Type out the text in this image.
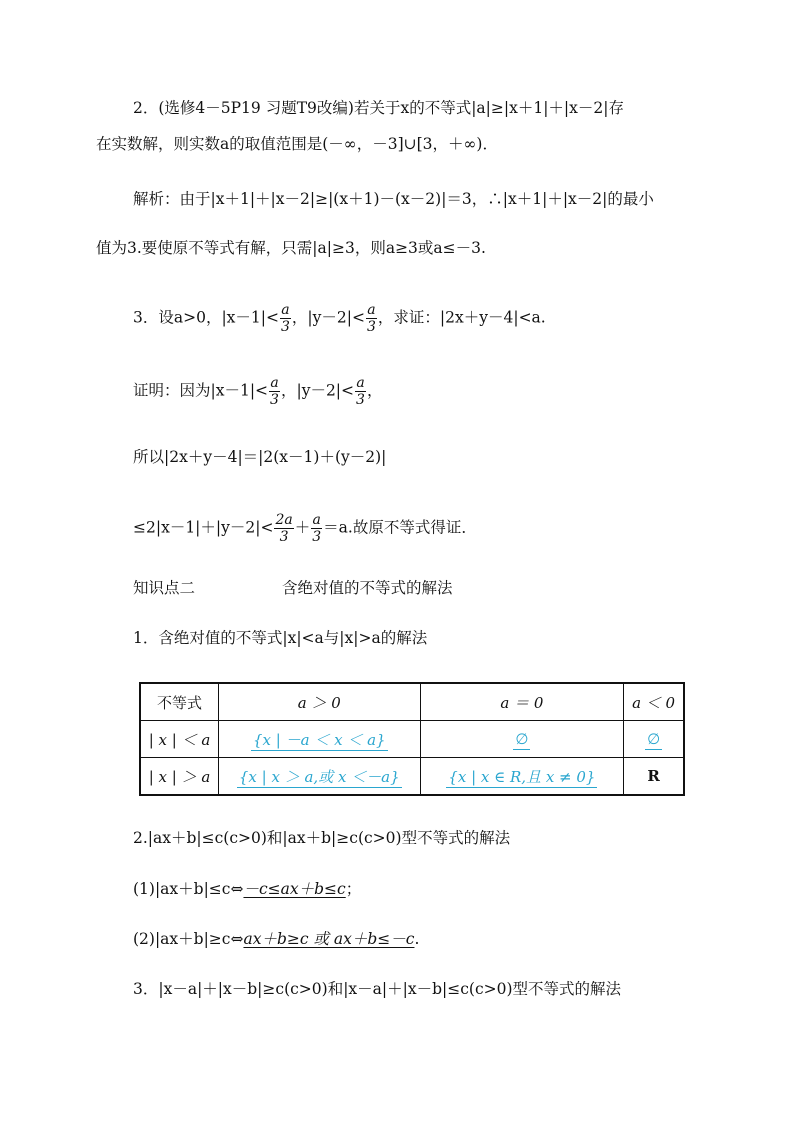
2．(选修4－5P19 习题T9改编)若关于x的不等式|a|≥|x＋1|＋|x－2|存
在实数解，则实数a的取值范围是(－∞，－3]∪[3，＋∞)．
解析：由于|x＋1|＋|x－2|≥|(x＋1)－(x－2)|＝3，∴|x＋1|＋|x－2|的最小
值为3.要使原不等式有解，只需|a|≥3，则a≥3或a≤－3.
3．设a>0，$|x-1|< \frac{a}{3}$ ，$|y-2|< \frac{a}{3}$ ，求证：|2x＋y－4|<a.
证明：因为$|x-1|< \frac{a}{3}$ ，$|y-2|< \frac{a}{3}$ ，
所以|2x＋y－4|＝|2(x－1)＋(y－2)|
$\le 2|x-1|+|y-2|< \frac{2a}{3} + \frac{a}{3} =a$.故原不等式得证．
知识点二	含绝对值的不等式的解法
1．含绝对值的不等式|x|<a与|x|>a的解法
不等式	a ＞ 0	a ＝ 0	a ＜ 0
| x | ＜ a	{x | －a ＜ x ＜ a}	∅	∅
| x | ＞ a	{x | x ＞ a,或 x ＜－a}	{x | x ∈ R,且 x ≠ 0}	R
2.|ax＋b|≤c(c>0)和|ax＋b|≥c(c>0)型不等式的解法
(1)|ax＋b|≤c⇔－c≤ax＋b≤c；
(2)|ax＋b|≥c⇔ax＋b≥c 或 ax＋b≤－c.
3．|x－a|＋|x－b|≥c(c>0)和|x－a|＋|x－b|≤c(c>0)型不等式的解法
